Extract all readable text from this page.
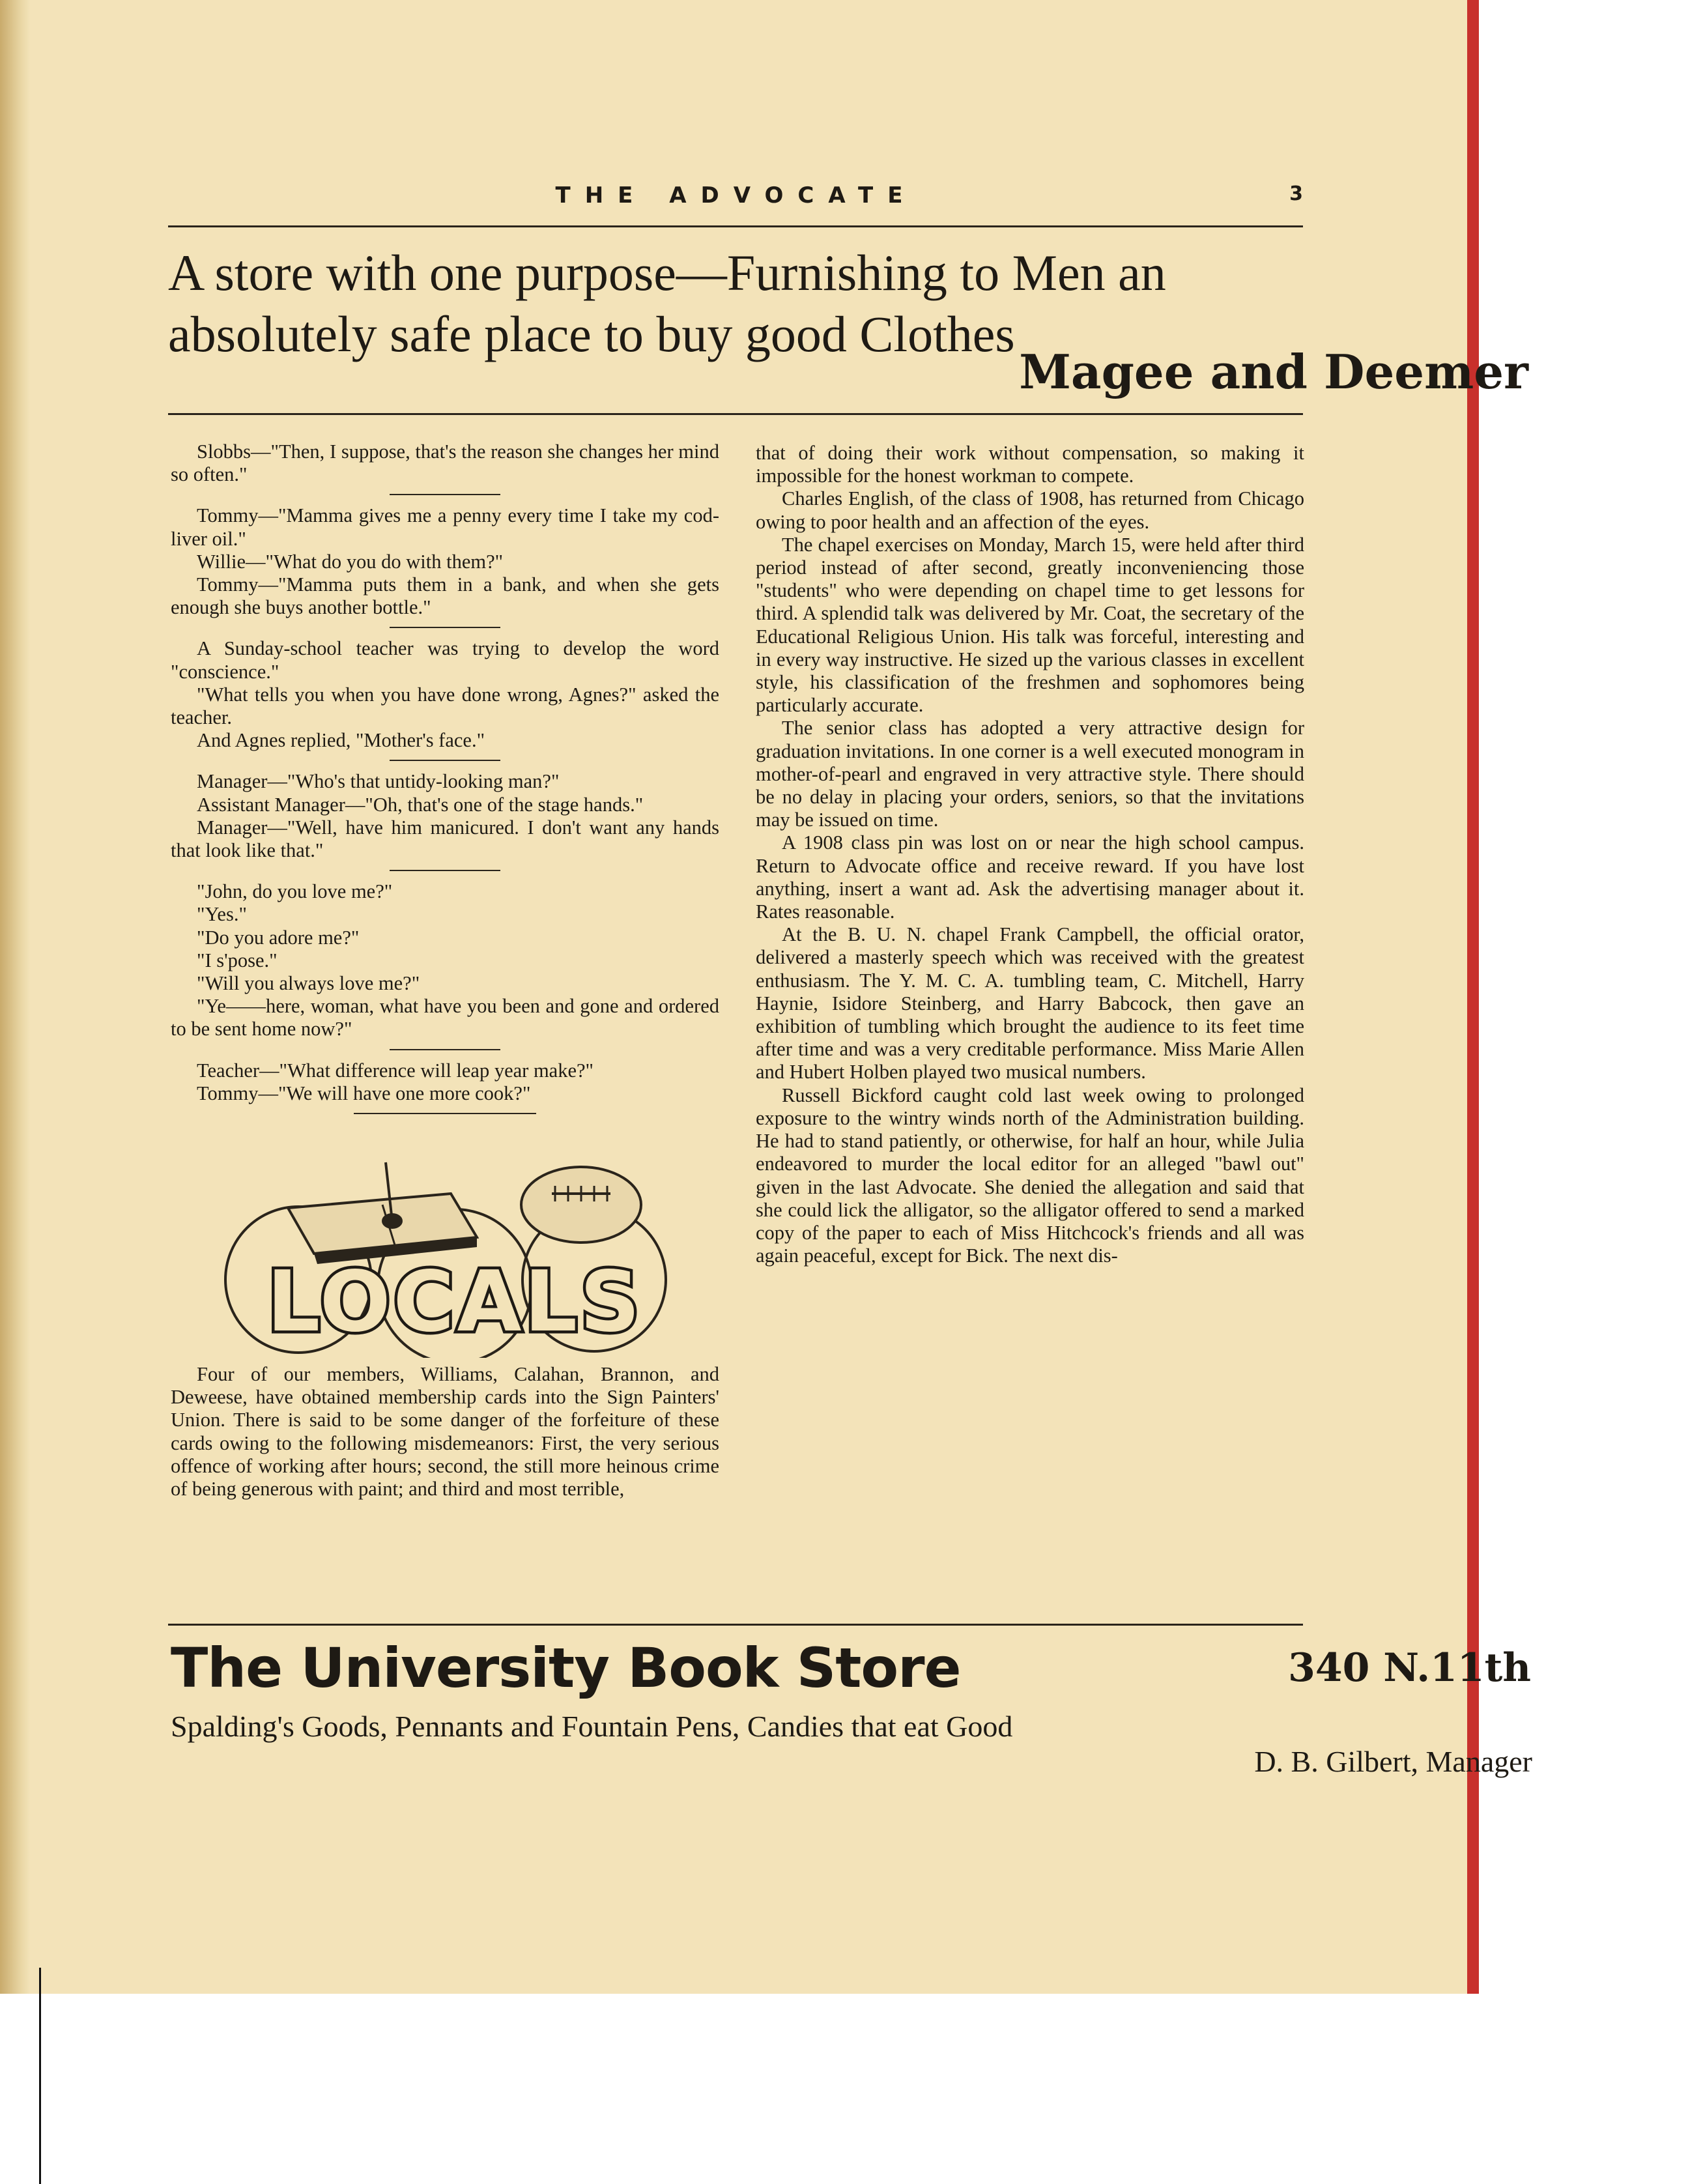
THE ADVOCATE	3
A store with one purpose—Furnishing to Men an absolutely safe place to buy good Clothes
Magee and Deemer

Slobbs—"Then, I suppose, that's the reason she changes her mind so often."

Tommy—"Mamma gives me a penny every time I take my cod-liver oil."

Willie—"What do you do with them?"

Tommy—"Mamma puts them in a bank, and when she gets enough she buys another bottle."

A Sunday-school teacher was trying to develop the word "conscience."

"What tells you when you have done wrong, Agnes?" asked the teacher.

And Agnes replied, "Mother's face."

Manager—"Who's that untidy-looking man?"

Assistant Manager—"Oh, that's one of the stage hands."

Manager—"Well, have him manicured. I don't want any hands that look like that."

"John, do you love me?"

"Yes."

"Do you adore me?"

"I s'pose."

"Will you always love me?"

"Ye——here, woman, what have you been and gone and ordered to be sent home now?"

Teacher—"What difference will leap year make?"

Tommy—"We will have one more cook?"

LOCALS

Four of our members, Williams, Calahan, Brannon, and Deweese, have obtained membership cards into the Sign Painters' Union. There is said to be some danger of the forfeiture of these cards owing to the following misdemeanors: First, the very serious offence of working after hours; second, the still more heinous crime of being generous with paint; and third and most terrible,

that of doing their work without compensation, so making it impossible for the honest workman to compete.

Charles English, of the class of 1908, has returned from Chicago owing to poor health and an affection of the eyes.

The chapel exercises on Monday, March 15, were held after third period instead of after second, greatly inconveniencing those "students" who were depending on chapel time to get lessons for third. A splendid talk was delivered by Mr. Coat, the secretary of the Educational Religious Union. His talk was forceful, interesting and in every way instructive. He sized up the various classes in excellent style, his classification of the freshmen and sophomores being particularly accurate.

The senior class has adopted a very attractive design for graduation invitations. In one corner is a well executed monogram in mother-of-pearl and engraved in very attractive style. There should be no delay in placing your orders, seniors, so that the invitations may be issued on time.

A 1908 class pin was lost on or near the high school campus. Return to Advocate office and receive reward. If you have lost anything, insert a want ad. Ask the advertising manager about it. Rates reasonable.

At the B. U. N. chapel Frank Campbell, the official orator, delivered a masterly speech which was received with the greatest enthusiasm. The Y. M. C. A. tumbling team, C. Mitchell, Harry Haynie, Isidore Steinberg, and Harry Babcock, then gave an exhibition of tumbling which brought the audience to its feet time after time and was a very creditable performance. Miss Marie Allen and Hubert Holben played two musical numbers.

Russell Bickford caught cold last week owing to prolonged exposure to the wintry winds north of the Administration building. He had to stand patiently, or otherwise, for half an hour, while Julia endeavored to murder the local editor for an alleged "bawl out" given in the last Advocate. She denied the allegation and said that she could lick the alligator, so the alligator offered to send a marked copy of the paper to each of Miss Hitchcock's friends and all was again peaceful, except for Bick. The next dis-

The University Book Store	340 N.11th
Spalding's Goods, Pennants and Fountain Pens, Candies that eat Good
D. B. Gilbert, Manager
